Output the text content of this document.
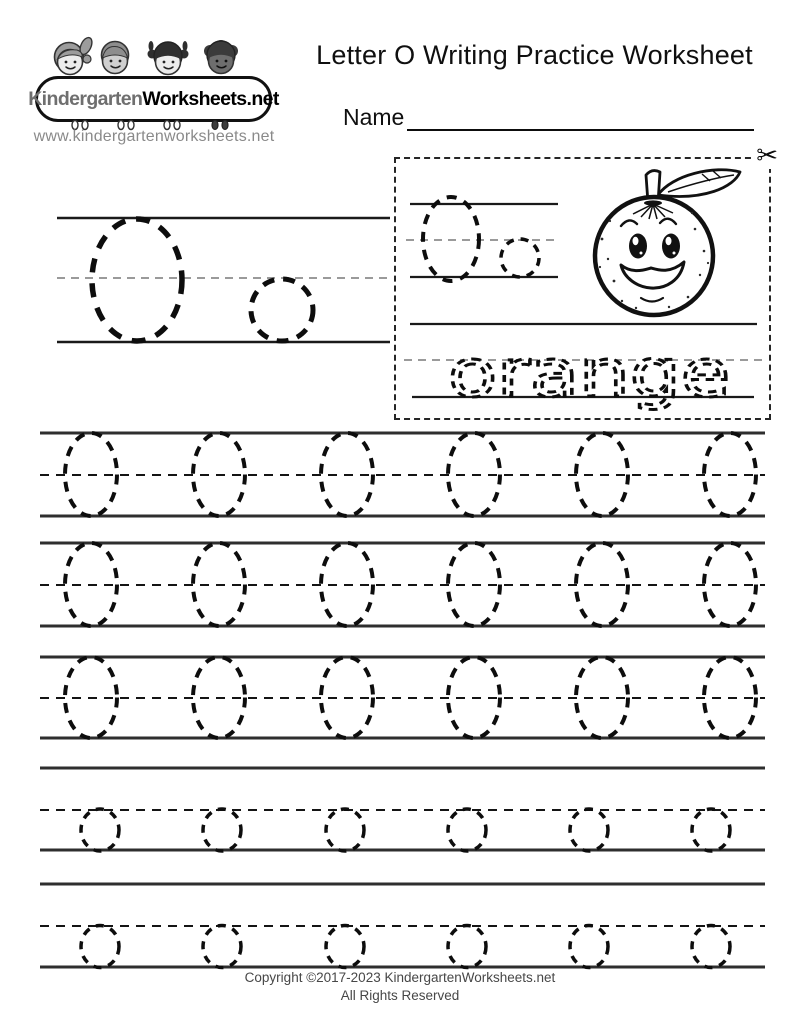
Kindergarten Worksheets.net
www.kindergartenworksheets.net
Letter O Writing Practice Worksheet
Name
✂
orange
Copyright ©2017-2023 KindergartenWorksheets.net
All Rights Reserved
